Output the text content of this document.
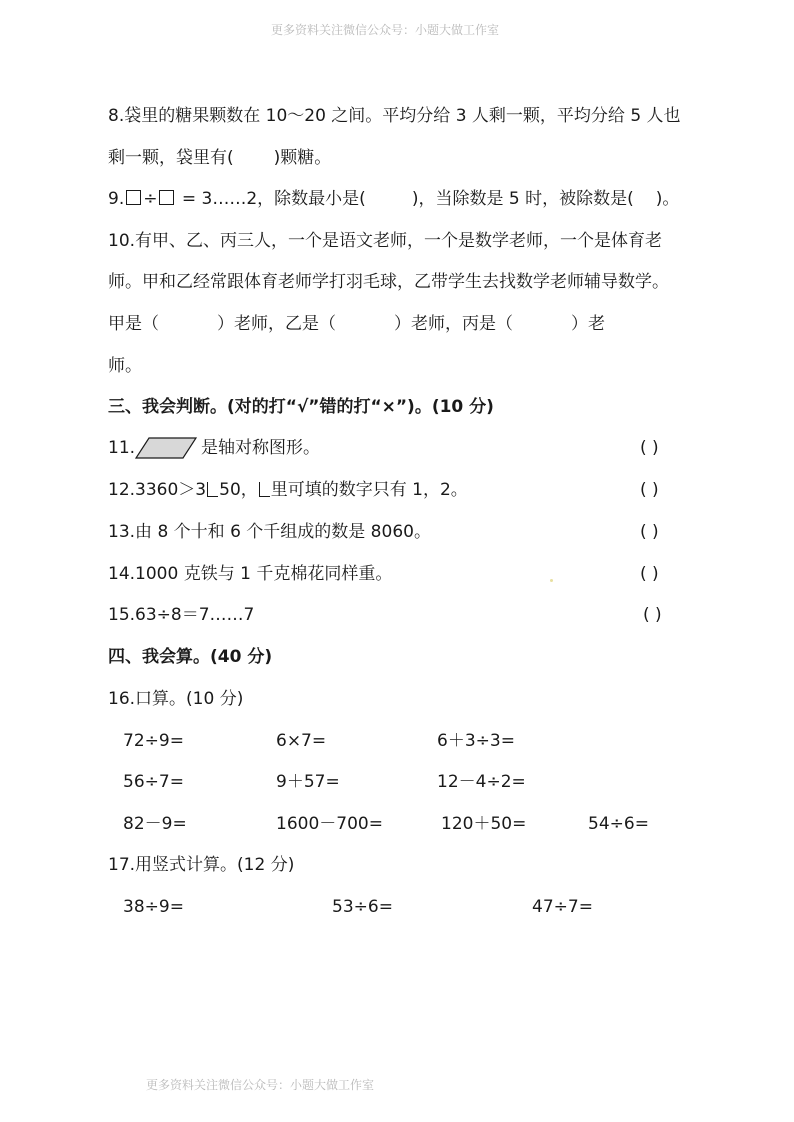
更多资料关注微信公众号：小题大做工作室
8.袋里的糖果颗数在 10～20 之间。平均分给 3 人剩一颗，平均分给 5 人也
剩一颗，袋里有( )颗糖。
9. ÷ = 3……2，除数最小是(	)，当除数是 5 时，被除数是( )。
10.有甲、乙、丙三人，一个是语文老师，一个是数学老师，一个是体育老
师。甲和乙经常跟体育老师学打羽毛球，乙带学生去找数学老师辅导数学。
甲是（	）老师，乙是（	）老师，丙是（	）老
师。
三、我会判断。(对的打“√”错的打“×”)。(10 分)
11.	是轴对称图形。	( )
12.3360＞3 50， 里可填的数字只有 1，2。	( )
13.由 8 个十和 6 个千组成的数是 8060。	( )
14.1000 克铁与 1 千克棉花同样重。	( )
15.63÷8＝7……7	( )
四、我会算。(40 分)
16.口算。(10 分)
72÷9=	6×7=	6＋3÷3=
56÷7=	9＋57=	12－4÷2=
82－9=	1600－700=	120＋50=	54÷6=
17.用竖式计算。(12 分)
38÷9=	53÷6=	47÷7=
更多资料关注微信公众号：小题大做工作室
